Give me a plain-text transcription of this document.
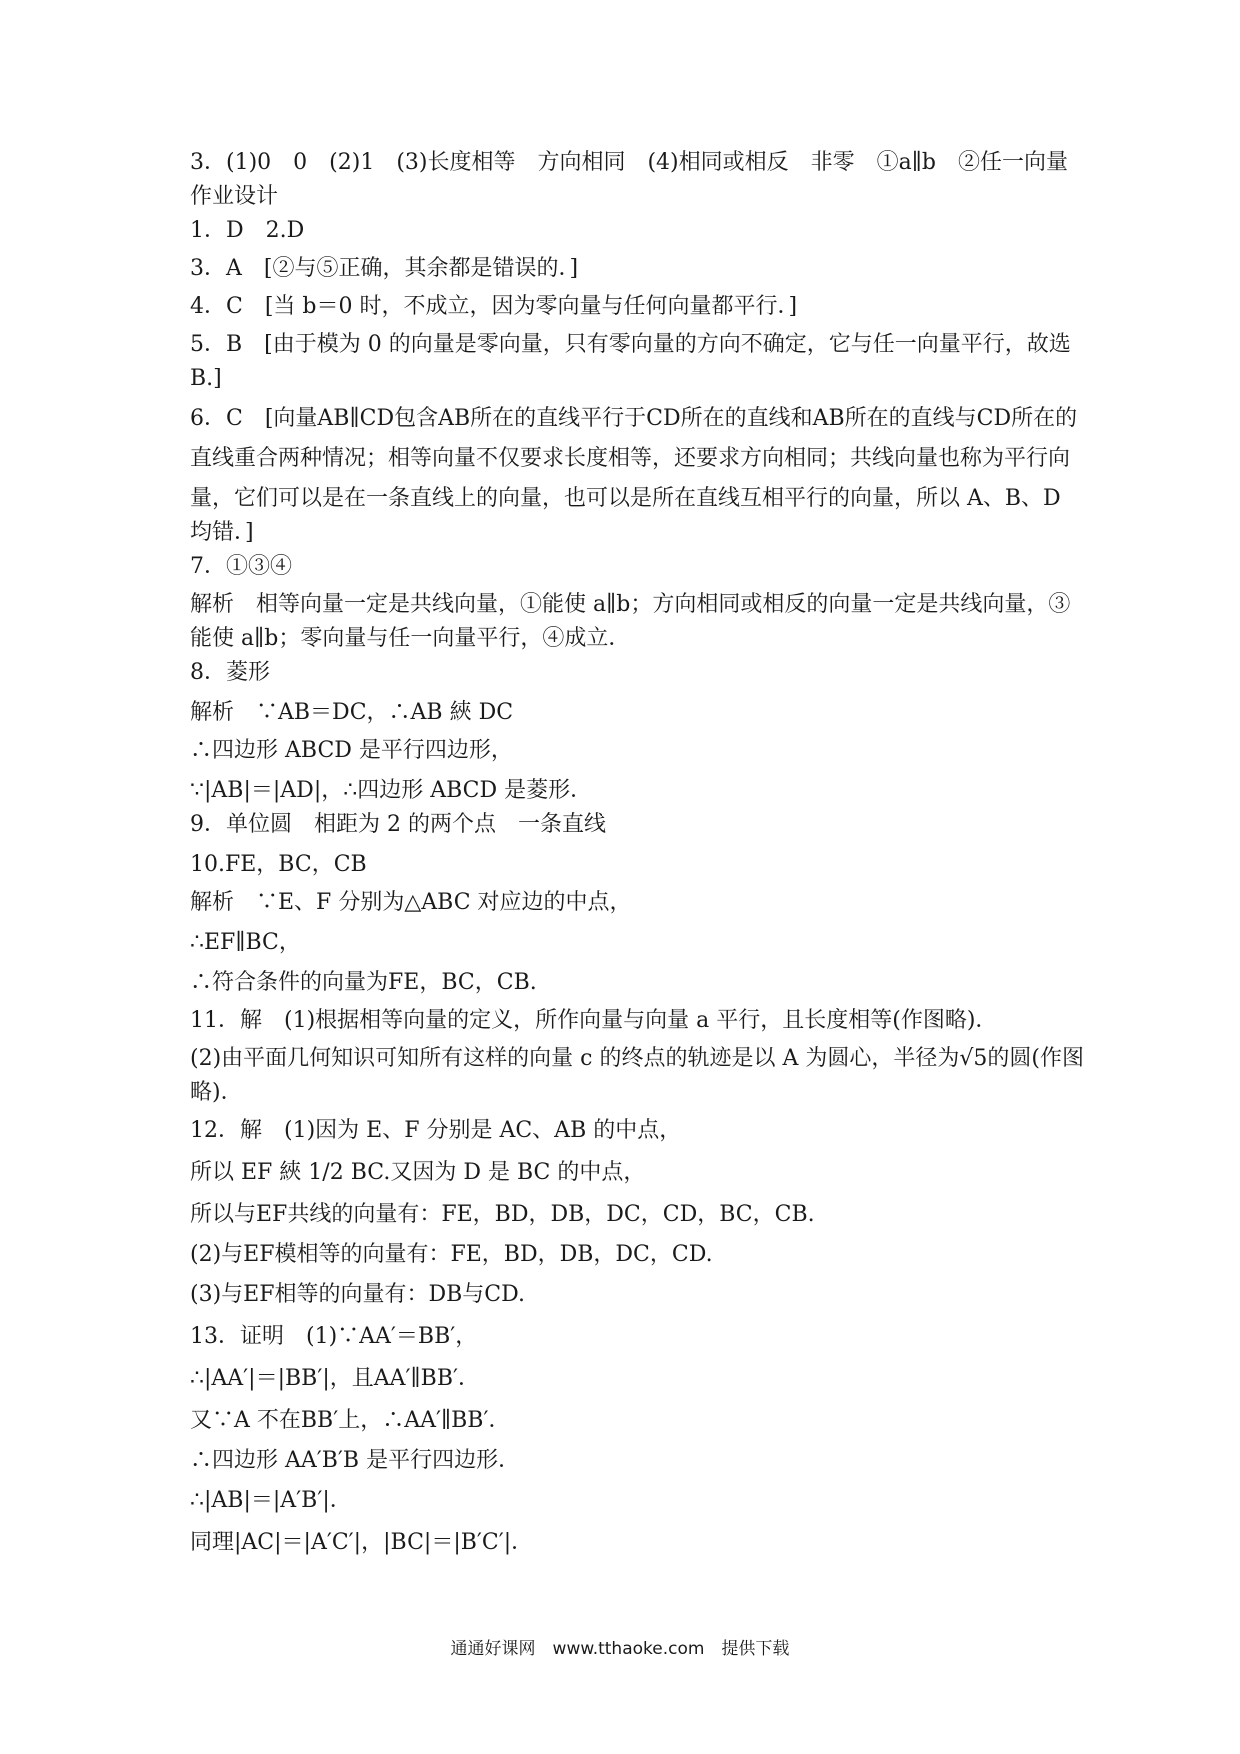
3．(1)0　0　(2)1　(3)长度相等　方向相同　(4)相同或相反　非零　①a∥b　②任一向量
作业设计
1．D　2.D
3．A　[②与⑤正确，其余都是错误的．]
4．C　[当 b＝0 时，不成立，因为零向量与任何向量都平行．]
5．B　[由于模为 0 的向量是零向量，只有零向量的方向不确定，它与任一向量平行，故选
B.]
6．C　[向量AB∥CD包含AB所在的直线平行于CD所在的直线和AB所在的直线与CD所在的
直线重合两种情况；相等向量不仅要求长度相等，还要求方向相同；共线向量也称为平行向
量，它们可以是在一条直线上的向量，也可以是所在直线互相平行的向量，所以 A、B、D
均错．]
7．①③④
解析　相等向量一定是共线向量，①能使 a∥b；方向相同或相反的向量一定是共线向量，③
能使 a∥b；零向量与任一向量平行，④成立．
8．菱形
解析　∵AB＝DC，∴AB 綊 DC
∴四边形 ABCD 是平行四边形，
∵|AB|＝|AD|，∴四边形 ABCD 是菱形．
9．单位圆　相距为 2 的两个点　一条直线
10.FE，BC，CB
解析　∵E、F 分别为△ABC 对应边的中点，
∴EF∥BC，
∴符合条件的向量为FE，BC，CB.
11．解　(1)根据相等向量的定义，所作向量与向量 a 平行，且长度相等(作图略)．
(2)由平面几何知识可知所有这样的向量 c 的终点的轨迹是以 A 为圆心，半径为√5的圆(作图
略)．
12．解　(1)因为 E、F 分别是 AC、AB 的中点，
所以 EF 綊 1/2 BC.又因为 D 是 BC 的中点，
所以与EF共线的向量有：FE，BD，DB，DC，CD，BC，CB.
(2)与EF模相等的向量有：FE，BD，DB，DC，CD.
(3)与EF相等的向量有：DB与CD.
13．证明　(1)∵AA′＝BB′，
∴|AA′|＝|BB′|，且AA′∥BB′．
又∵A 不在BB′上，∴AA′∥BB′．
∴四边形 AA′B′B 是平行四边形．
∴|AB|＝|A′B′|．
同理|AC|＝|A′C′|，|BC|＝|B′C′|．
通通好课网　www.tthaoke.com　提供下载
